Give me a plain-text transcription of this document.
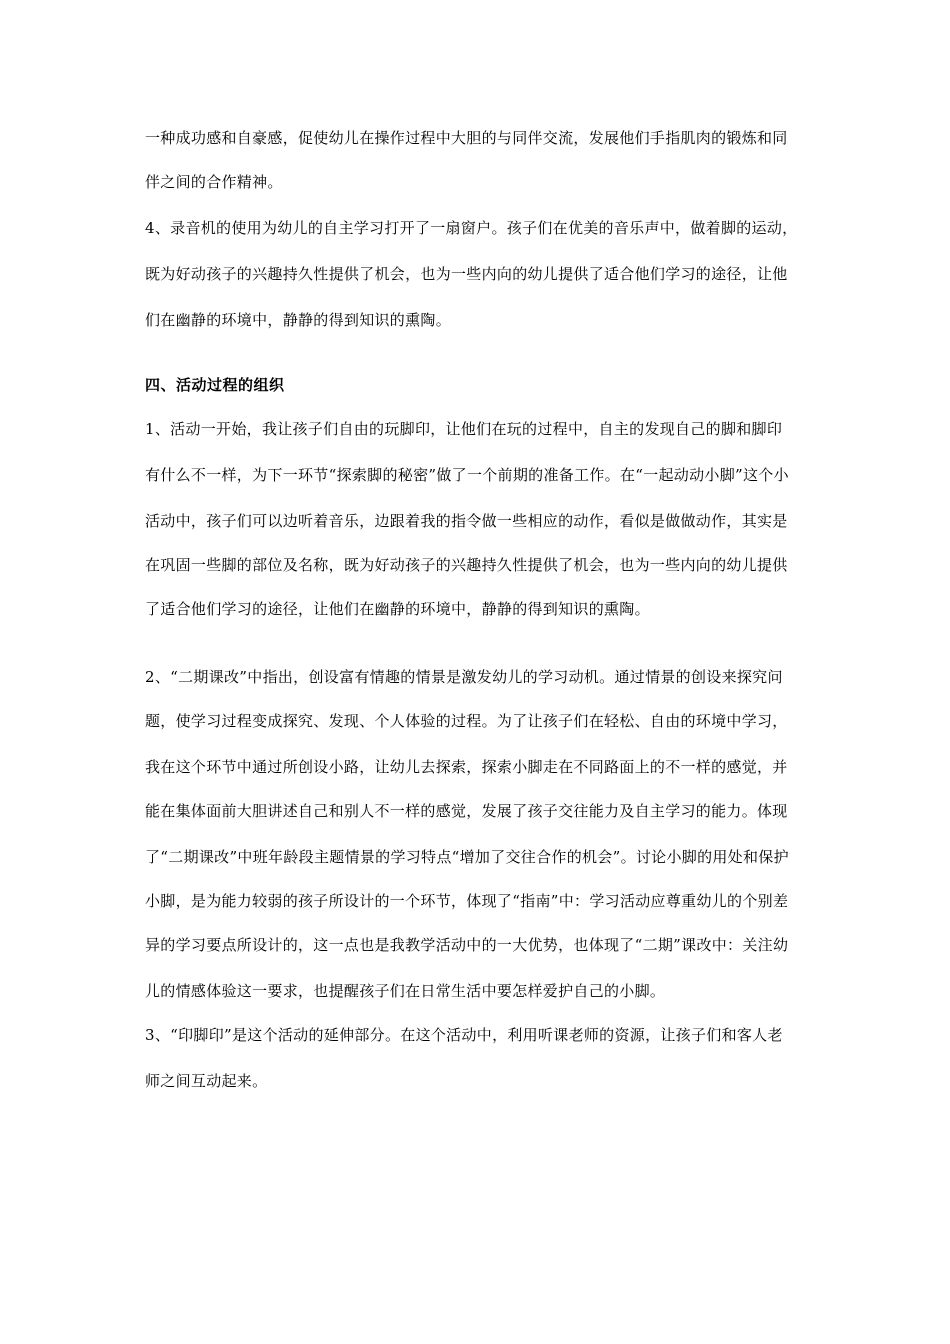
一种成功感和自豪感，促使幼儿在操作过程中大胆的与同伴交流，发展他们手指肌肉的锻炼和同
伴之间的合作精神。
4、录音机的使用为幼儿的自主学习打开了一扇窗户。孩子们在优美的音乐声中，做着脚的运动，
既为好动孩子的兴趣持久性提供了机会，也为一些内向的幼儿提供了适合他们学习的途径，让他
们在幽静的环境中，静静的得到知识的熏陶。
四、活动过程的组织
1、活动一开始，我让孩子们自由的玩脚印，让他们在玩的过程中，自主的发现自己的脚和脚印
有什么不一样，为下一环节“探索脚的秘密”做了一个前期的准备工作。在“一起动动小脚”这个小
活动中，孩子们可以边听着音乐，边跟着我的指令做一些相应的动作，看似是做做动作，其实是
在巩固一些脚的部位及名称，既为好动孩子的兴趣持久性提供了机会，也为一些内向的幼儿提供
了适合他们学习的途径，让他们在幽静的环境中，静静的得到知识的熏陶。
2、“二期课改”中指出，创设富有情趣的情景是激发幼儿的学习动机。通过情景的创设来探究问
题，使学习过程变成探究、发现、个人体验的过程。为了让孩子们在轻松、自由的环境中学习，
我在这个环节中通过所创设小路，让幼儿去探索，探索小脚走在不同路面上的不一样的感觉，并
能在集体面前大胆讲述自己和别人不一样的感觉，发展了孩子交往能力及自主学习的能力。体现
了“二期课改”中班年龄段主题情景的学习特点“增加了交往合作的机会”。讨论小脚的用处和保护
小脚，是为能力较弱的孩子所设计的一个环节，体现了“指南”中：学习活动应尊重幼儿的个别差
异的学习要点所设计的，这一点也是我教学活动中的一大优势，也体现了“二期”课改中：关注幼
儿的情感体验这一要求，也提醒孩子们在日常生活中要怎样爱护自己的小脚。
3、“印脚印”是这个活动的延伸部分。在这个活动中，利用听课老师的资源，让孩子们和客人老
师之间互动起来。
